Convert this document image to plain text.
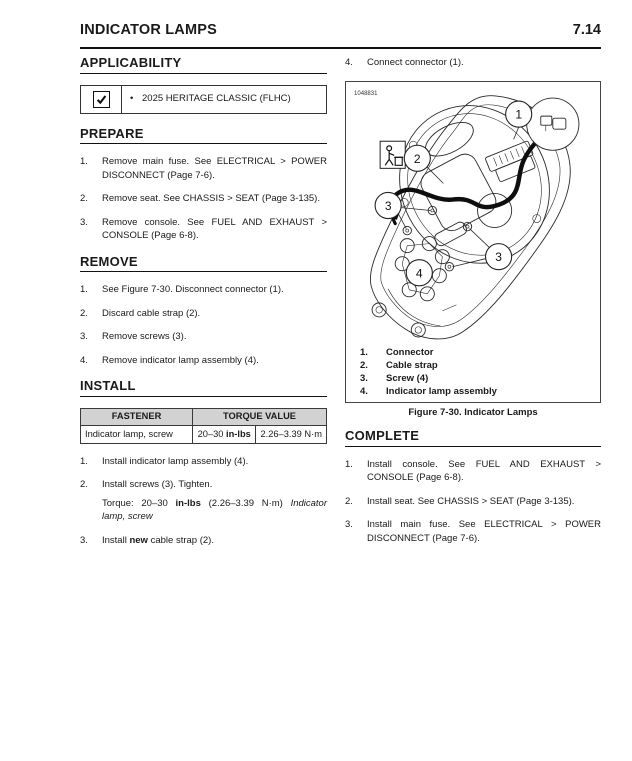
INDICATOR LAMPS	7.14
APPLICABILITY
• 2025 HERITAGE CLASSIC (FLHC)
PREPARE
1.	Remove main fuse. See ELECTRICAL > POWER DISCONNECT (Page 7-6).
2.	Remove seat. See CHASSIS > SEAT (Page 3-135).
3.	Remove console. See FUEL AND EXHAUST > CONSOLE (Page 6-8).
REMOVE
1.	See Figure 7-30. Disconnect connector (1).
2.	Discard cable strap (2).
3.	Remove screws (3).
4.	Remove indicator lamp assembly (4).
INSTALL
FASTENER	TORQUE VALUE	
Indicator lamp, screw	20–30 in-lbs	2.26–3.39 N·m
1.	Install indicator lamp assembly (4).
2.	Install screws (3). Tighten.
Torque: 20–30 in-lbs (2.26–3.39 N·m) Indicator lamp, screw
3.	Install new cable strap (2).
4.	Connect connector (1).
1048831
1
2
3
3
4
1.	Connector
2.	Cable strap
3.	Screw (4)
4.	Indicator lamp assembly
Figure 7-30. Indicator Lamps
COMPLETE
1.	Install console. See FUEL AND EXHAUST > CONSOLE (Page 6-8).
2.	Install seat. See CHASSIS > SEAT (Page 3-135).
3.	Install main fuse. See ELECTRICAL > POWER DISCONNECT (Page 7-6).
